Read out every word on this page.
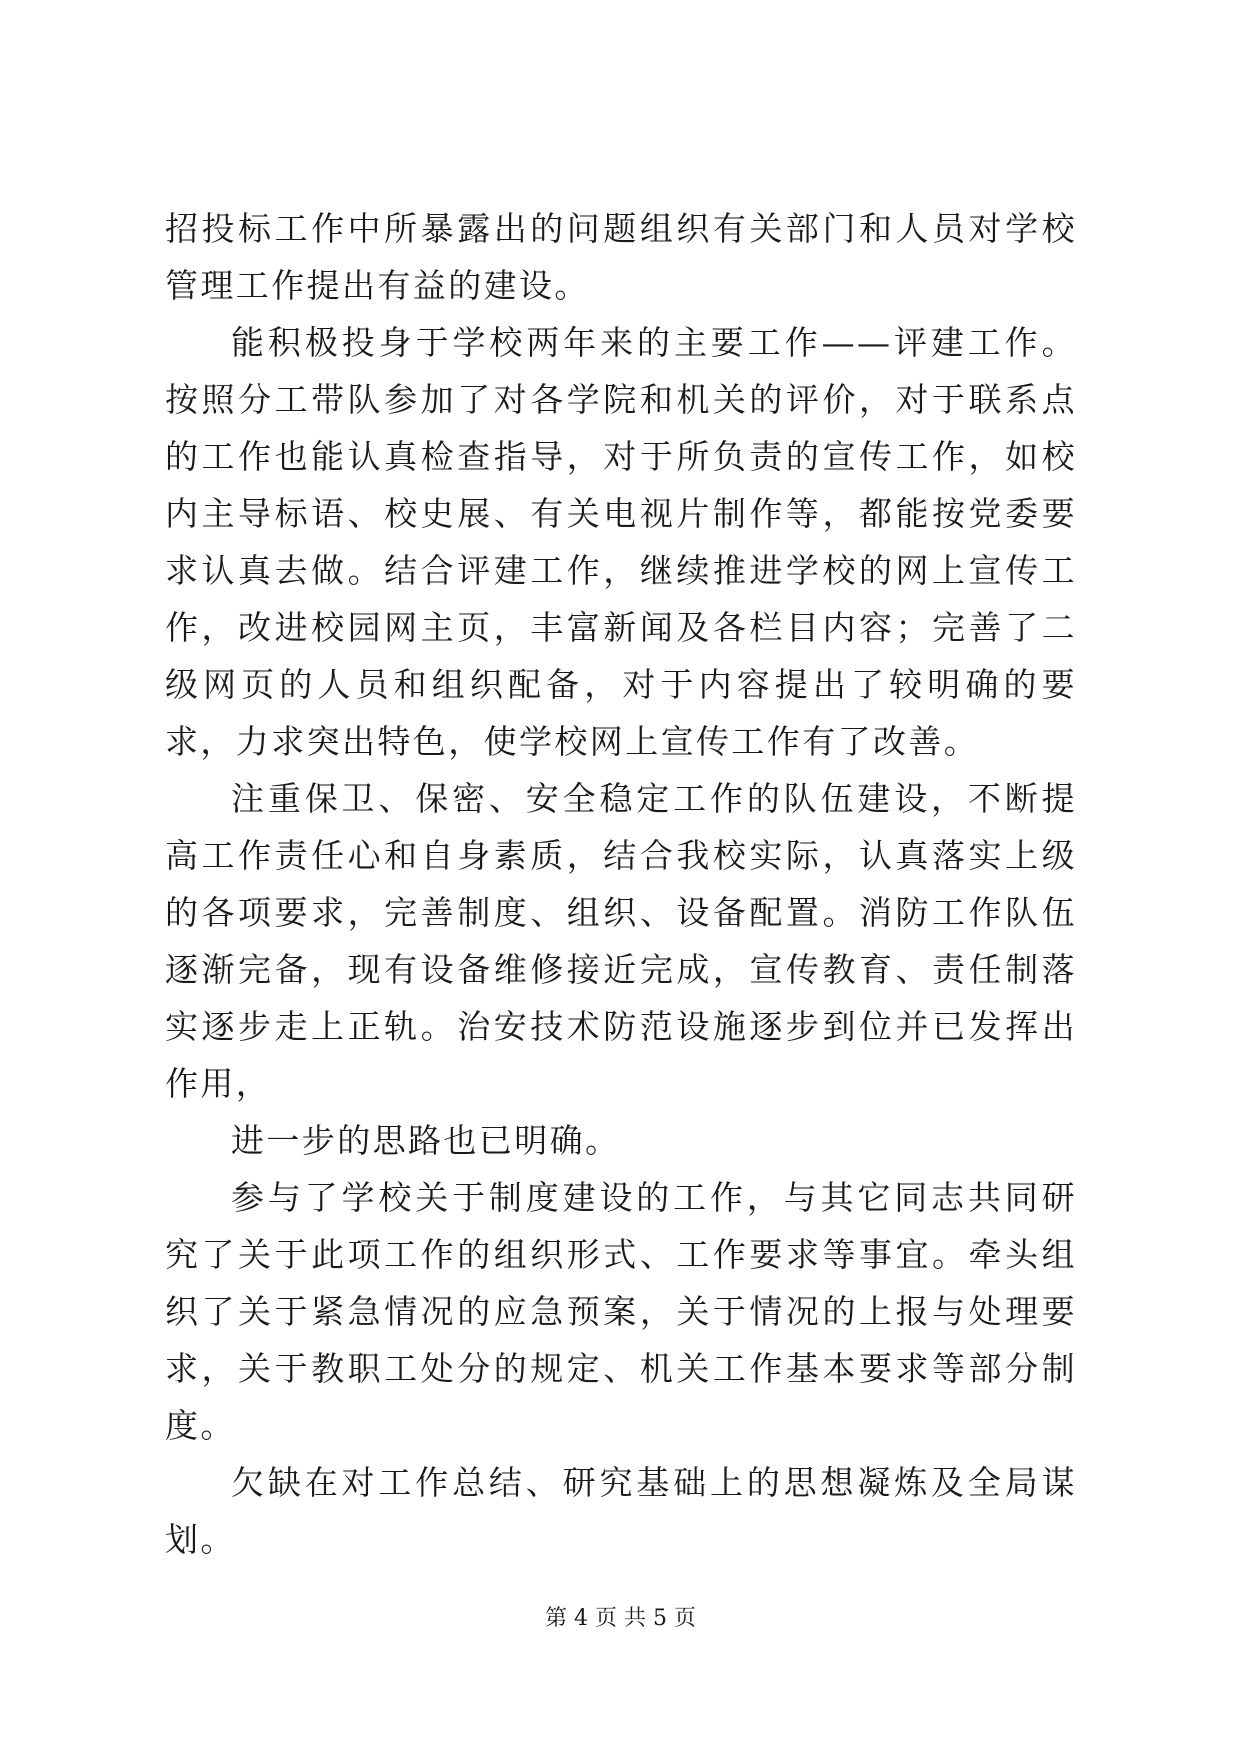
招投标工作中所暴露出的问题组织有关部门和人员对学校管理工作提出有益的建设。

能积极投身于学校两年来的主要工作——评建工作。按照分工带队参加了对各学院和机关的评价，对于联系点的工作也能认真检查指导，对于所负责的宣传工作，如校内主导标语、校史展、有关电视片制作等，都能按党委要求认真去做。结合评建工作，继续推进学校的网上宣传工作，改进校园网主页，丰富新闻及各栏目内容；完善了二级网页的人员和组织配备，对于内容提出了较明确的要求，力求突出特色，使学校网上宣传工作有了改善。

注重保卫、保密、安全稳定工作的队伍建设，不断提高工作责任心和自身素质，结合我校实际，认真落实上级的各项要求，完善制度、组织、设备配置。消防工作队伍逐渐完备，现有设备维修接近完成，宣传教育、责任制落实逐步走上正轨。治安技术防范设施逐步到位并已发挥出作用，

进一步的思路也已明确。

参与了学校关于制度建设的工作，与其它同志共同研究了关于此项工作的组织形式、工作要求等事宜。牵头组织了关于紧急情况的应急预案，关于情况的上报与处理要求，关于教职工处分的规定、机关工作基本要求等部分制度。

欠缺在对工作总结、研究基础上的思想凝炼及全局谋划。

第 4 页 共 5 页
